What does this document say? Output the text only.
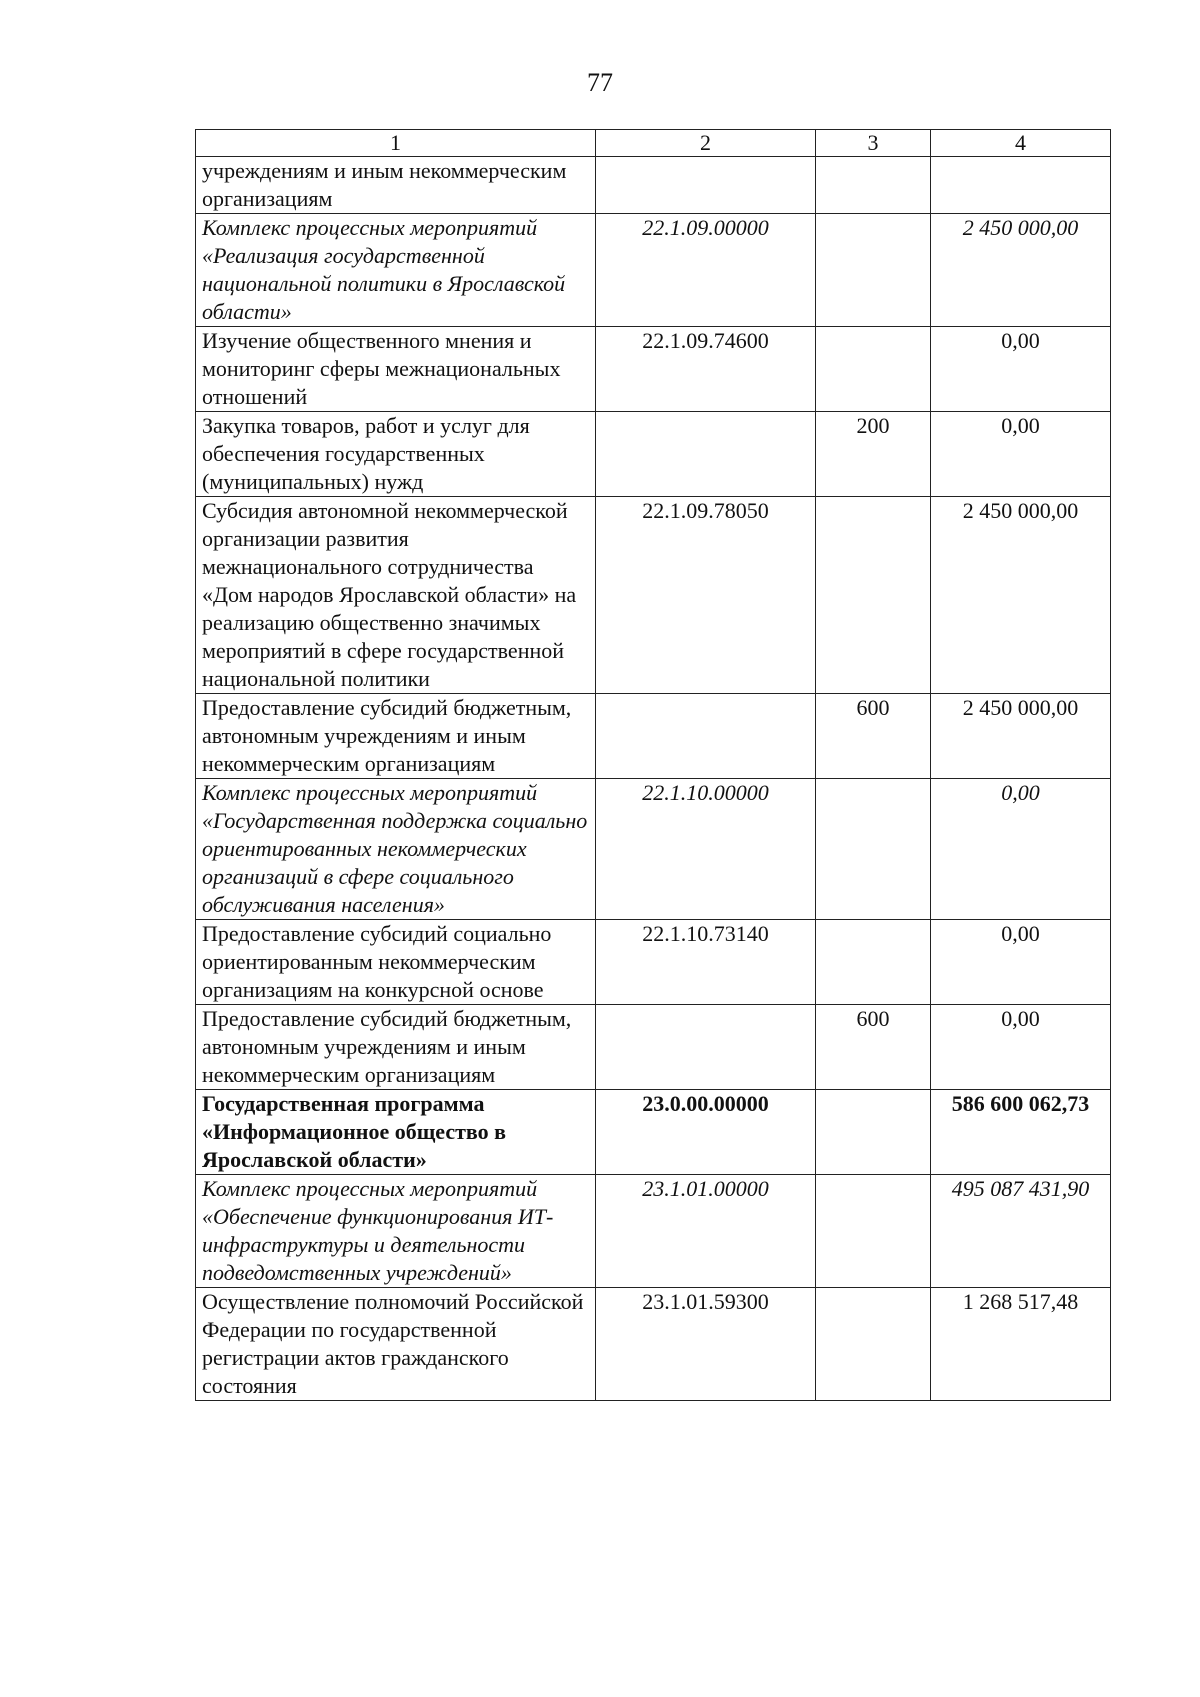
77
1	2	3	4
учреждениям и иным некоммерческим организациям			
Комплекс процессных мероприятий «Реализация государственной национальной политики в Ярославской области»	22.1.09.00000		2 450 000,00
Изучение общественного мнения и мониторинг сферы межнациональных отношений	22.1.09.74600		0,00
Закупка товаров, работ и услуг для обеспечения государственных (муниципальных) нужд		200	0,00
Субсидия автономной некоммерческой организации развития межнационального сотрудничества «Дом народов Ярославской области» на реализацию общественно значимых мероприятий в сфере государственной национальной политики	22.1.09.78050		2 450 000,00
Предоставление субсидий бюджетным, автономным учреждениям и иным некоммерческим организациям		600	2 450 000,00
Комплекс процессных мероприятий «Государственная поддержка социально ориентированных некоммерческих организаций в сфере социального обслуживания населения»	22.1.10.00000		0,00
Предоставление субсидий социально ориентированным некоммерческим организациям на конкурсной основе	22.1.10.73140		0,00
Предоставление субсидий бюджетным, автономным учреждениям и иным некоммерческим организациям		600	0,00
Государственная программа «Информационное общество в Ярославской области»	23.0.00.00000		586 600 062,73
Комплекс процессных мероприятий «Обеспечение функционирования ИТ-инфраструктуры и деятельности подведомственных учреждений»	23.1.01.00000		495 087 431,90
Осуществление полномочий Российской Федерации по государственной регистрации актов гражданского состояния	23.1.01.59300		1 268 517,48
